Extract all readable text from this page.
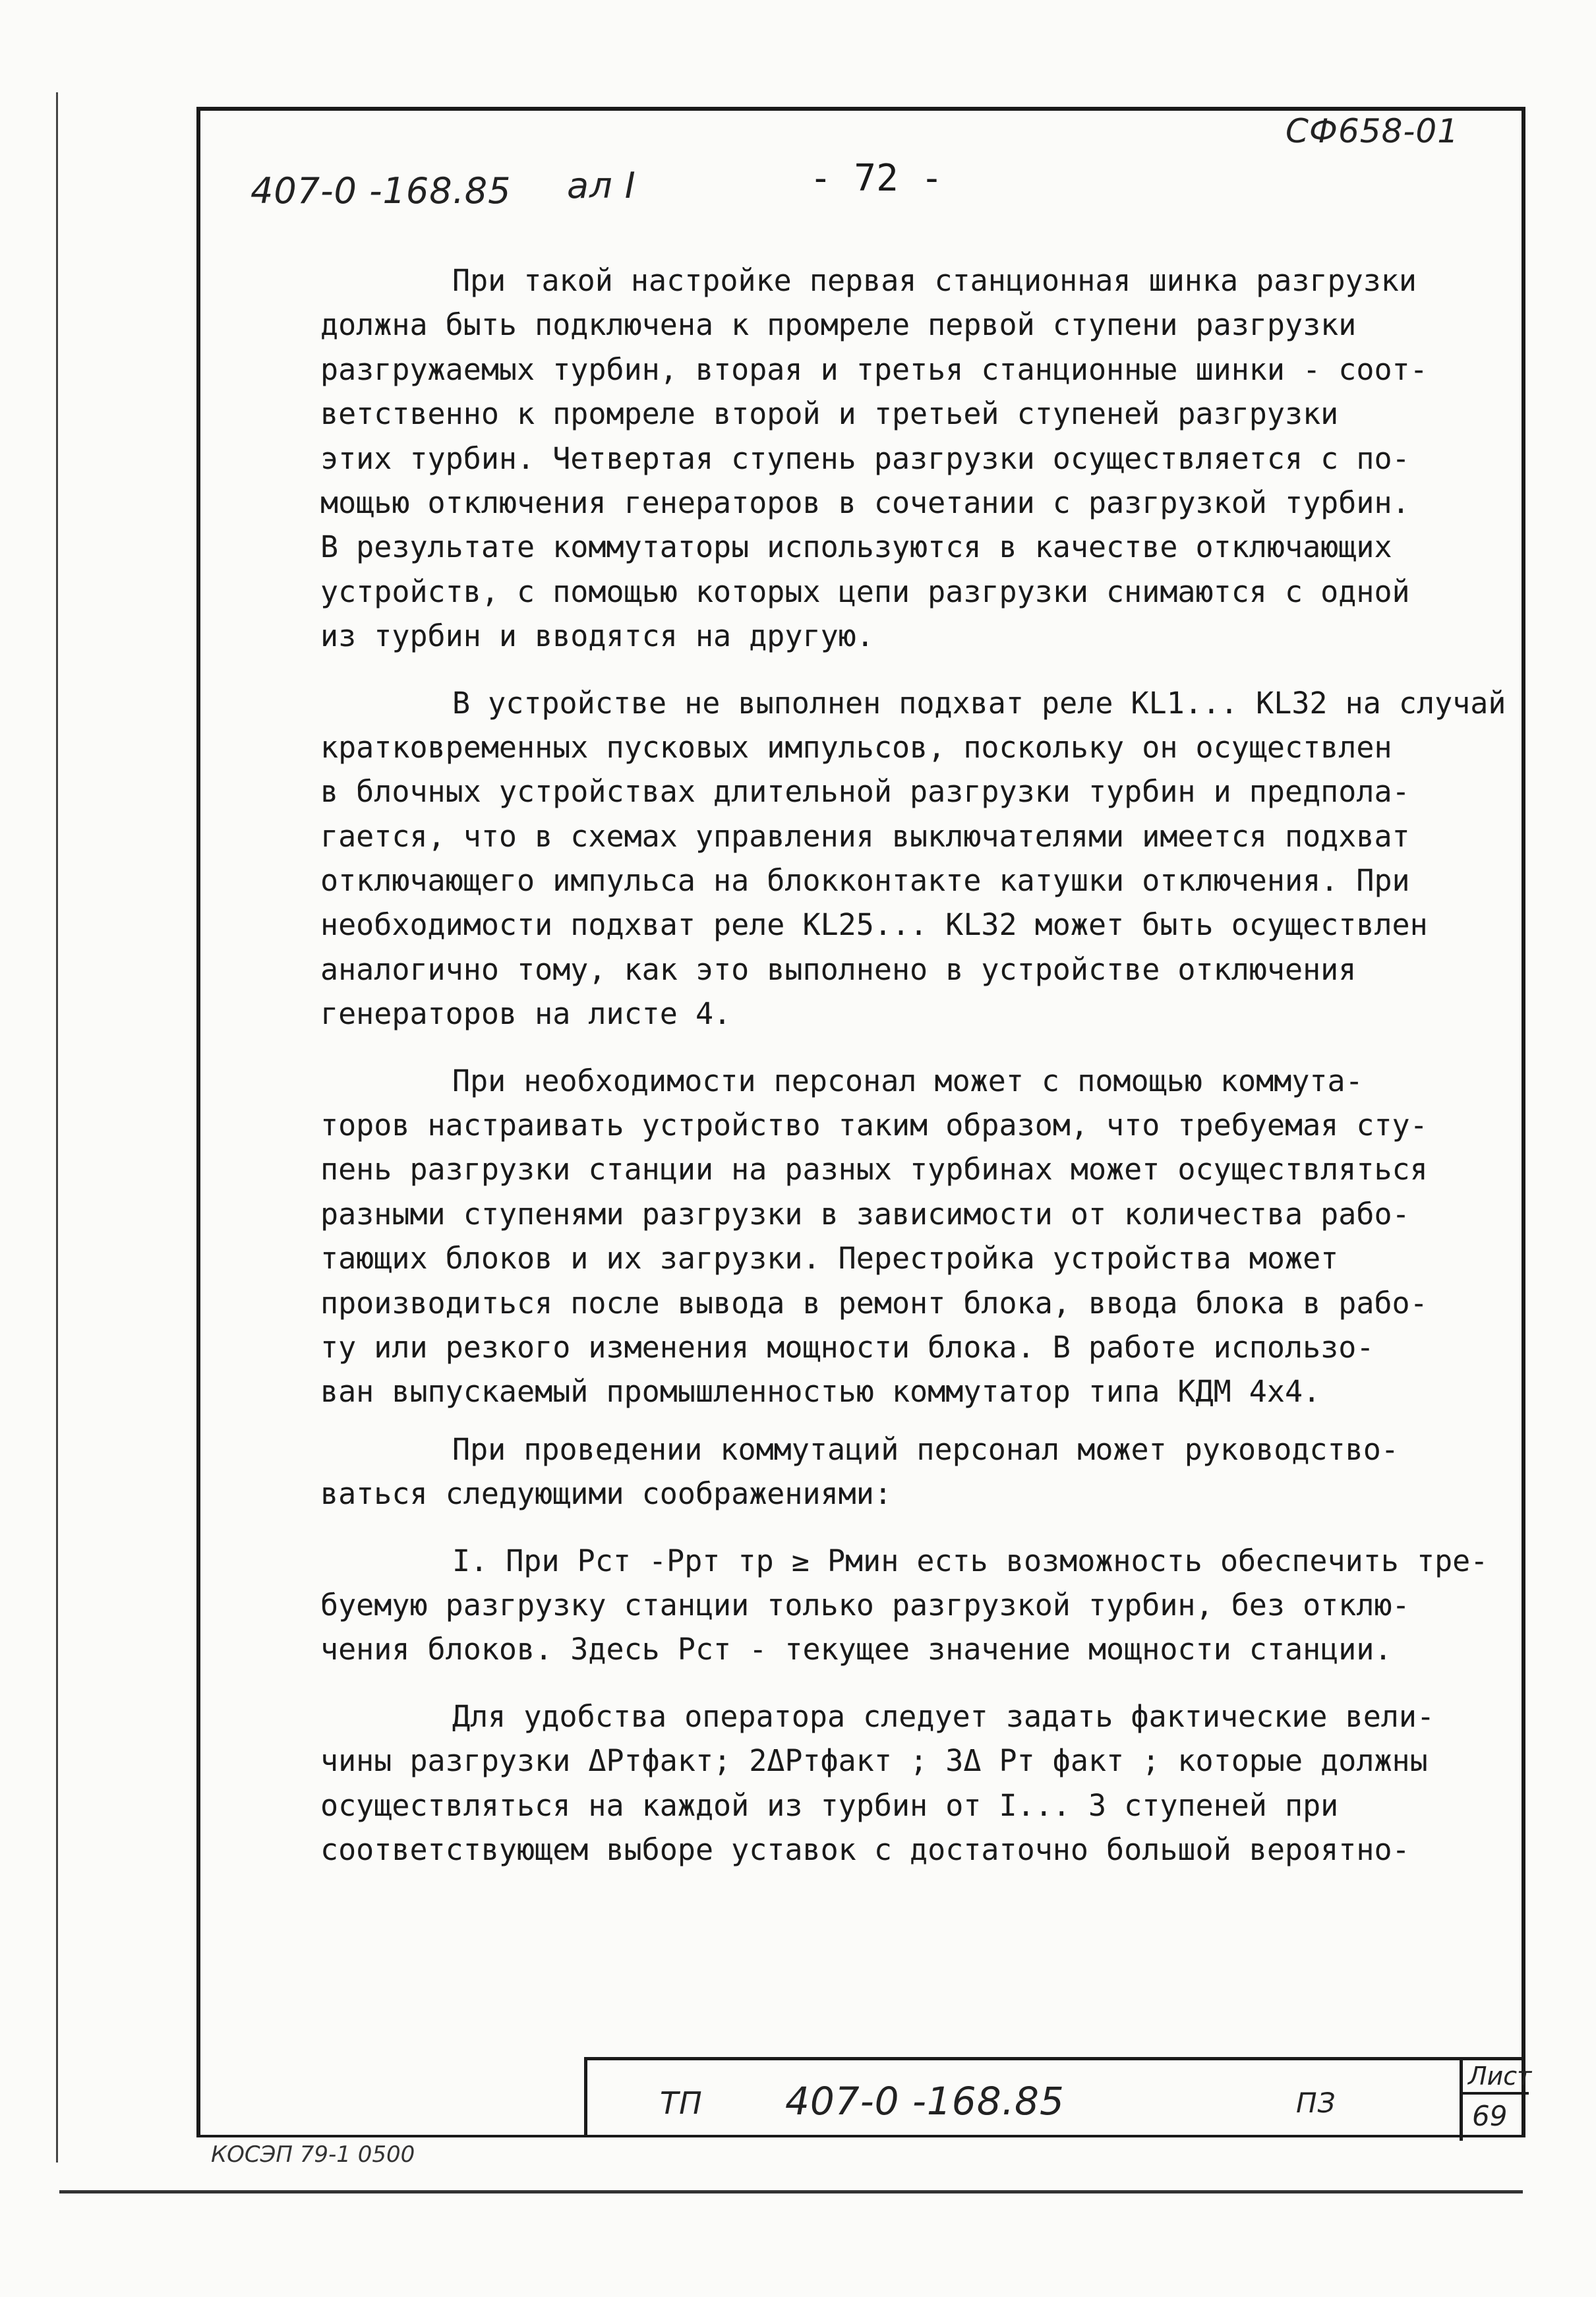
СФ658-01
407-0 -168.85 ал I	- 72 -
При такой настройке первая станционная шинка разгрузки
должна быть подключена к промреле первой ступени разгрузки
разгружаемых турбин, вторая и третья станционные шинки - соот-
ветственно к промреле второй и третьей ступеней разгрузки
этих турбин. Четвертая ступень разгрузки осуществляется с по-
мощью отключения генераторов в сочетании с разгрузкой турбин.
В результате коммутаторы используются в качестве отключающих
устройств, с помощью которых цепи разгрузки снимаются с одной
из турбин и вводятся на другую.
В устройстве не выполнен подхват реле KL1... KL32 на случай
кратковременных пусковых импульсов, поскольку он осуществлен
в блочных устройствах длительной разгрузки турбин и предпола-
гается, что в схемах управления выключателями имеется подхват
отключающего импульса на блокконтакте катушки отключения. При
необходимости подхват реле KL25... KL32 может быть осуществлен
аналогично тому, как это выполнено в устройстве отключения
генераторов на листе 4.
При необходимости персонал может с помощью коммута-
торов настраивать устройство таким образом, что требуемая сту-
пень разгрузки станции на разных турбинах может осуществляться
разными ступенями разгрузки в зависимости от количества рабо-
тающих блоков и их загрузки. Перестройка устройства может
производиться после вывода в ремонт блока, ввода блока в рабо-
ту или резкого изменения мощности блока. В работе использо-
ван выпускаемый промышленностью коммутатор типа КДМ 4x4.
При проведении коммутаций персонал может руководство-
ваться следующими соображениями:
I. При Pст -Pрт тр ≥ Pмин есть возможность обеспечить тре-
буемую разгрузку станции только разгрузкой турбин, без отклю-
чения блоков. Здесь Pст - текущее значение мощности станции.
Для удобства оператора следует задать фактические вели-
чины разгрузки ΔPтфакт; 2ΔPтфакт ; 3Δ Pт факт ; которые должны
осуществляться на каждой из турбин от I... 3 ступеней при
соответствующем выборе уставок с достаточно большой вероятно-
ТП 407-0 -168.85	ПЗ
Лист
69
КОСЭП 79-1 0500
